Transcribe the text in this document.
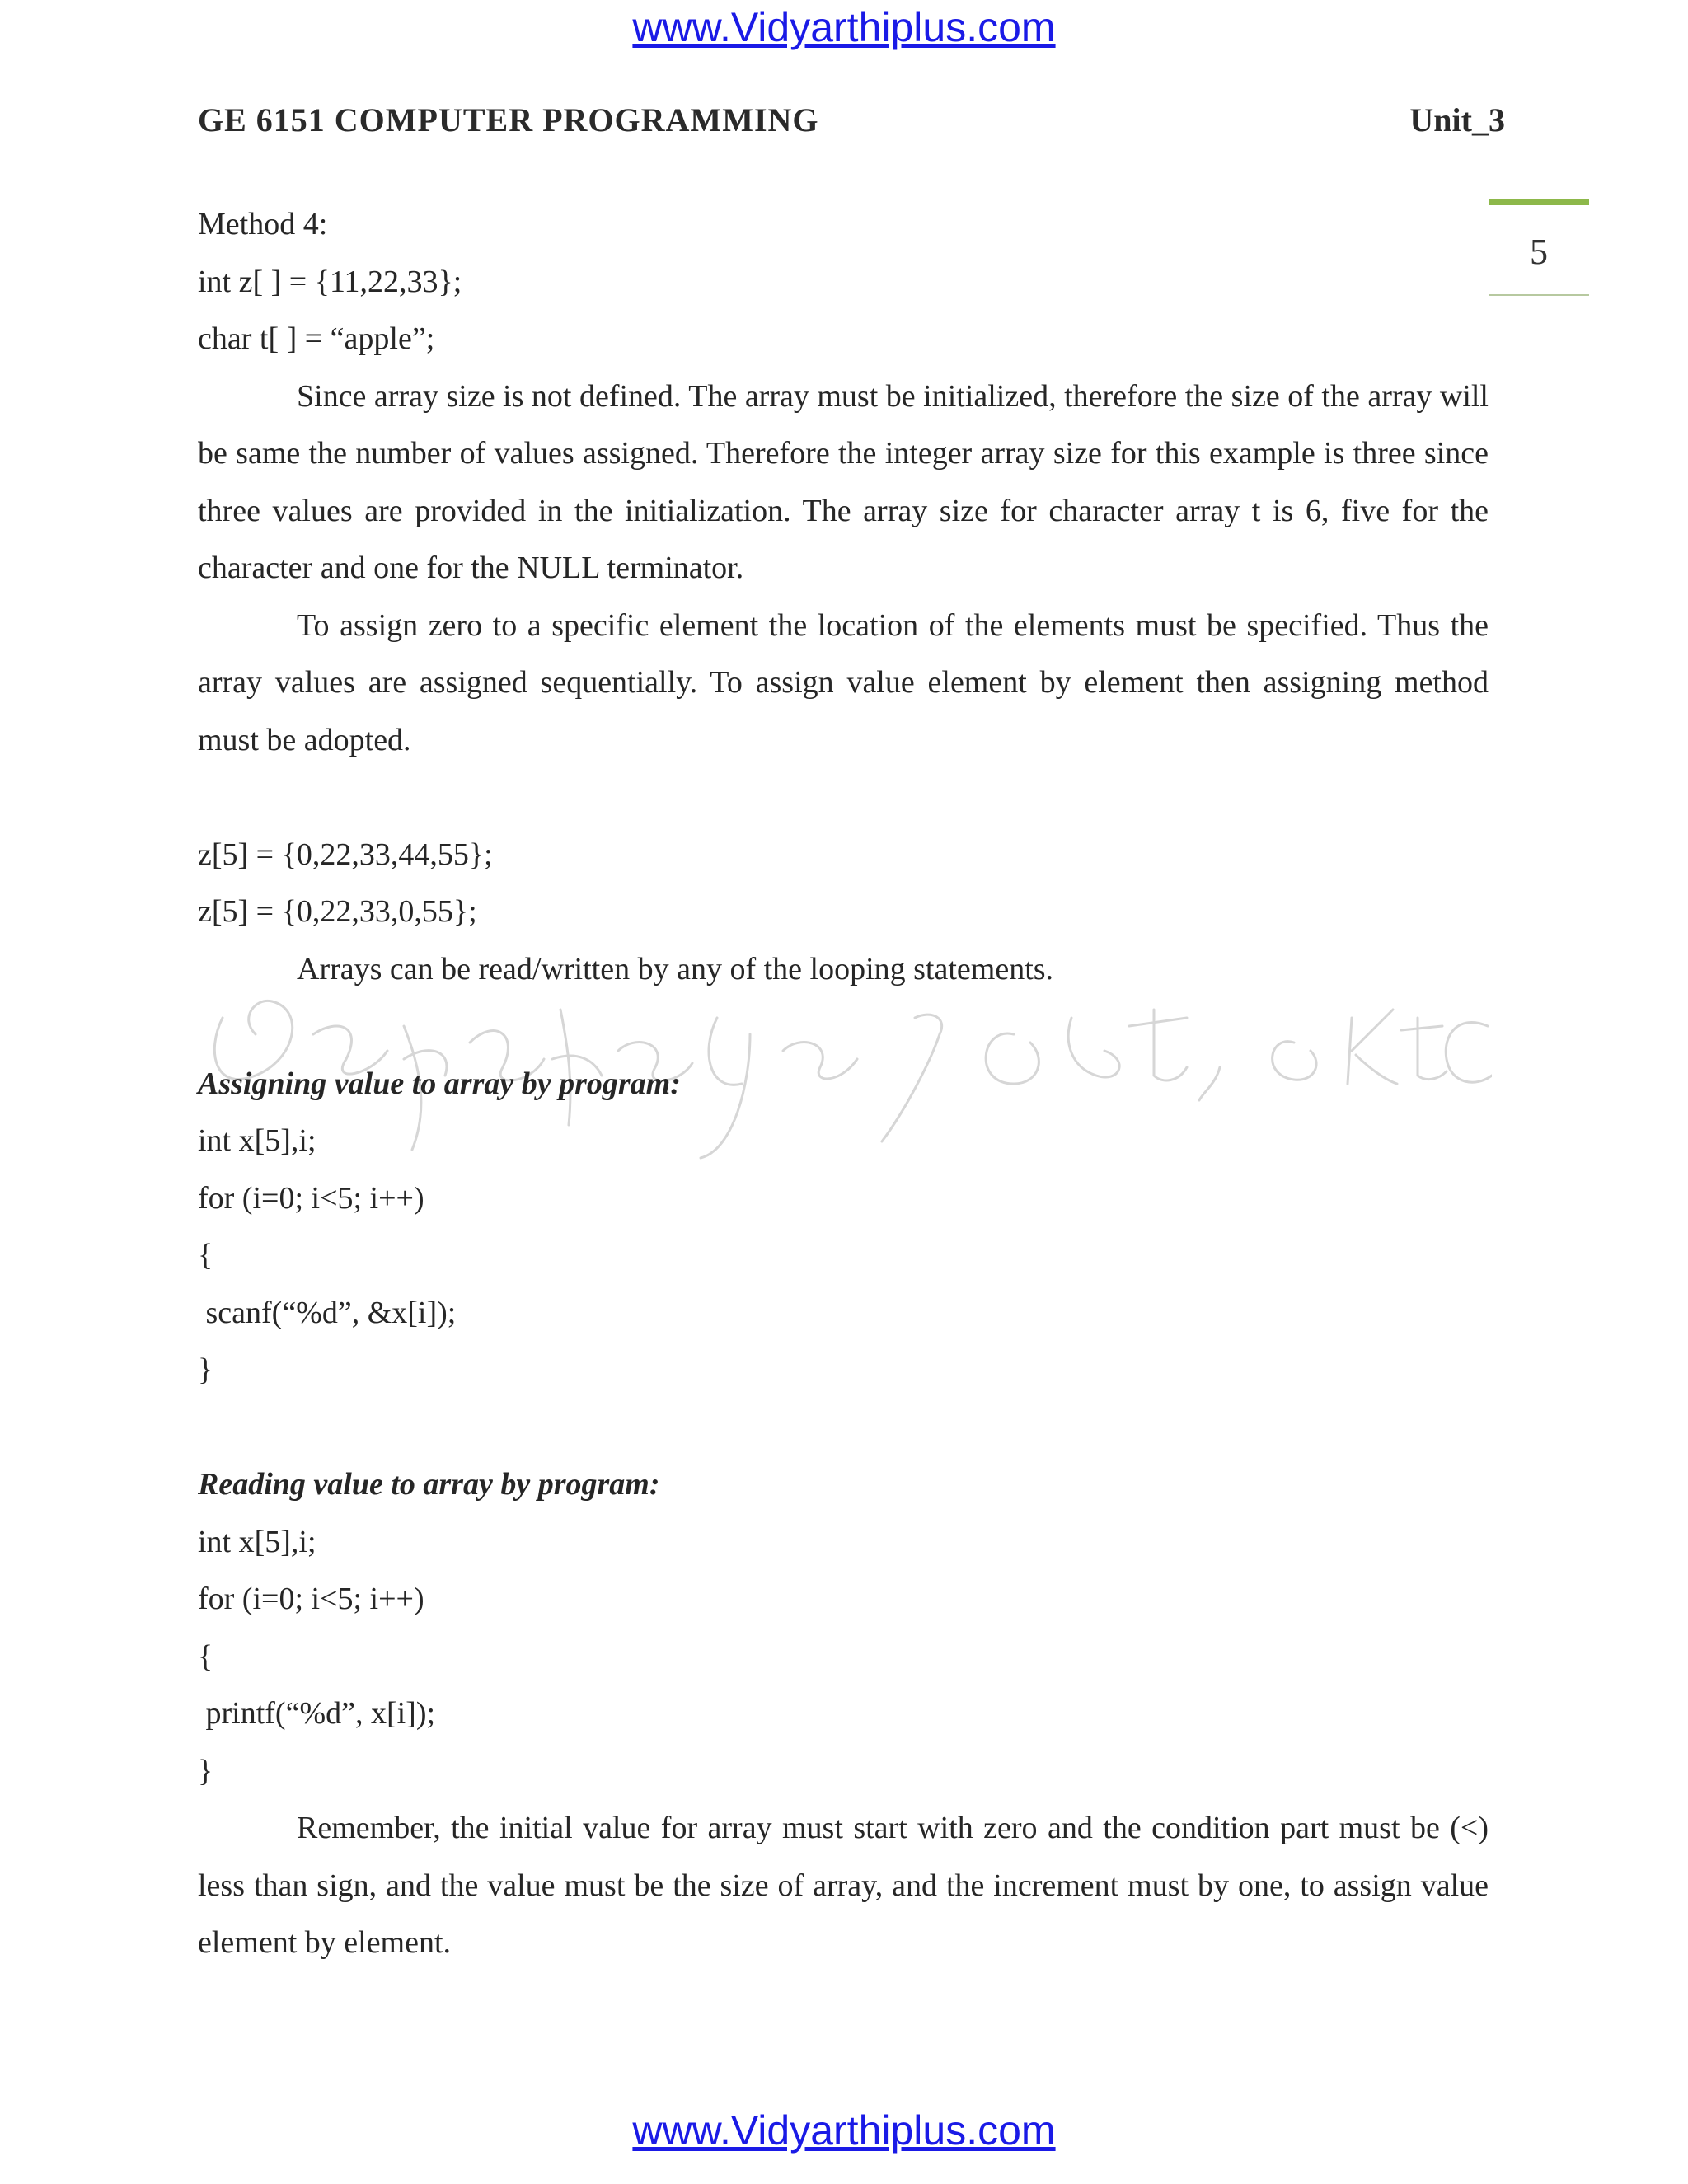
www.Vidyarthiplus.com
GE 6151 COMPUTER PROGRAMMING	Unit_3
5

Method 4:

int z[ ] = {11,22,33};

char t[ ] = “apple”;

Since array size is not defined. The array must be initialized, therefore the size of the array will be same the number of values assigned. Therefore the integer array size for this example is three since three values are provided in the initialization. The array size for character array t is 6, five for the character and one for the NULL terminator.

To assign zero to a specific element the location of the elements must be specified. Thus the array values are assigned sequentially. To assign value element by element then assigning method must be adopted.

z[5] = {0,22,33,44,55};

z[5] = {0,22,33,0,55};

Arrays can be read/written by any of the looping statements.

Assigning value to array by program:

int x[5],i;

for (i=0; i<5; i++)

{

scanf(“%d”, &x[i]);

}

Reading value to array by program:

int x[5],i;

for (i=0; i<5; i++)

{

printf(“%d”, x[i]);

}

Remember, the initial value for array must start with zero and the condition part must be (<) less than sign, and the value must be the size of array, and the increment must by one, to assign value element by element.

www.Vidyarthiplus.com
